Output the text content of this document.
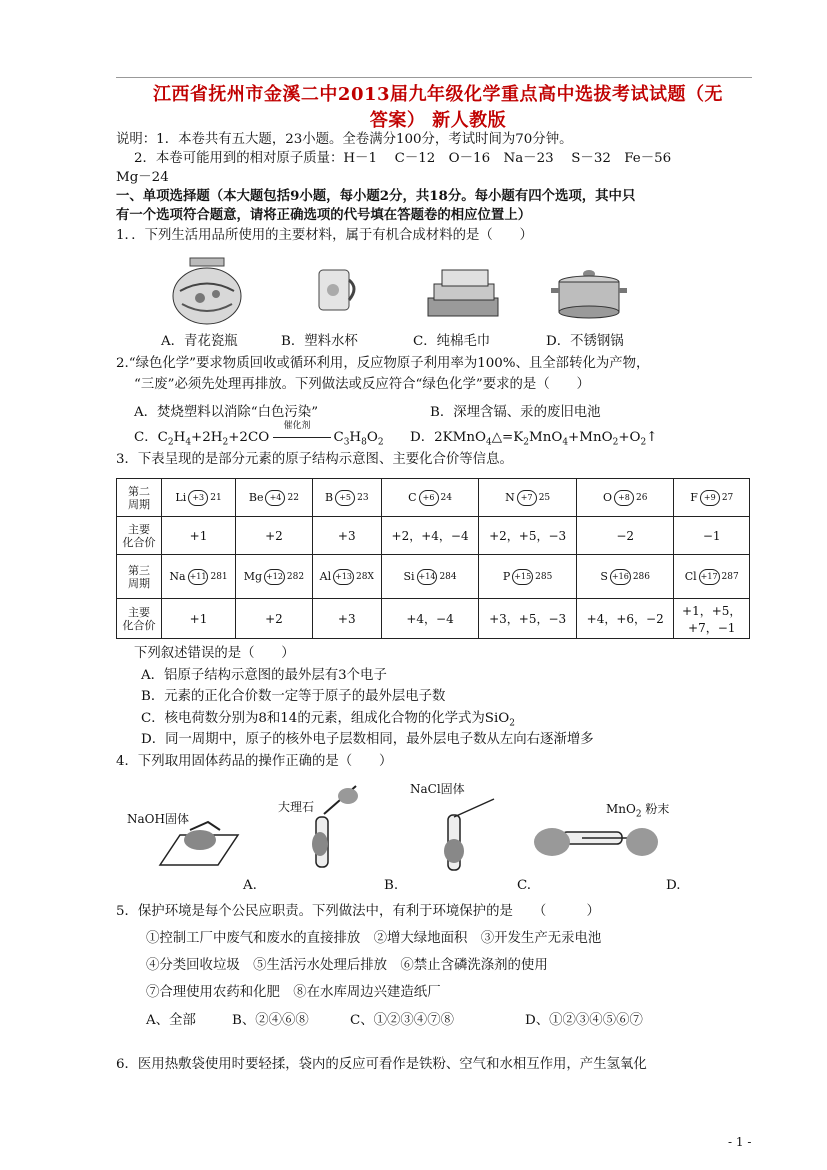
江西省抚州市金溪二中2013届九年级化学重点高中选拔考试试题（无
答案） 新人教版
说明：1．本卷共有五大题，23小题。全卷满分100分，考试时间为70分钟。
2．本卷可能用到的相对原子质量：H－1　 C－12　O－16　Na－23　 S－32　Fe－56
Mg－24
一、单项选择题（本大题包括9小题，每小题2分，共18分。每小题有四个选项，其中只
有一个选项符合题意，请将正确选项的代号填在答题卷的相应位置上）
1．．下列生活用品所使用的主要材料，属于有机合成材料的是（　　）
A．青花瓷瓶	B．塑料水杯	C．纯棉毛巾	D．不锈钢锅
2.“绿色化学”要求物质回收或循环利用，反应物原子利用率为100%、且全部转化为产物，
“三废”必须先处理再排放。下列做法或反应符合“绿色化学”要求的是（　　）
A．焚烧塑料以消除“白色污染”	B．深埋含镉、汞的废旧电池
C．$C_2H_4+2H_2+2CO$
催化剂
$C_3H_8O_2$ D．$2KMnO_4\triangle=K_2MnO_4+MnO_2+O_2↑$
3．下表呈现的是部分元素的原子结构示意图、主要化合价等信息。
第二
周期	Li +3 21	Be +4 22	B +5 23	C +6 24	N +7 25	O +8 26	F +9 27

主要
化合价	+1	+2	+3	+2，+4，−4	+2，+5，−3	−2	−1
第三
周期	Na +11 281	Mg +12 282	Al +13 28X	Si +14 284	P +15 285	S +16 286	Cl +17 287

主要
化合价	+1	+2	+3	+4，−4	+3，+5，−3	+4，+6，−2	+1，+5，
+7，−1
下列叙述错误的是（　　）
A．铝原子结构示意图的最外层有3个电子
B．元素的正化合价数一定等于原子的最外层电子数
C．核电荷数分别为8和14的元素，组成化合物的化学式为SiO$_2$
D．同一周期中，原子的核外电子层数相同，最外层电子数从左向右逐渐增多
4．下列取用固体药品的操作正确的是（　　）
NaOH固体
大理石
NaCl固体
MnO$_2$ 粉末
A.	B.	C.	D.
5．保护环境是每个公民应职责。下列做法中，有利于环境保护的是　　（　　　）
①控制工厂中废气和废水的直接排放　②增大绿地面积　③开发生产无汞电池
④分类回收垃圾　⑤生活污水处理后排放　⑥禁止含磷洗涤剂的使用
⑦合理使用农药和化肥　⑧在水库周边兴建造纸厂
A、全部	B、②④⑥⑧	C、①②③④⑦⑧	D、①②③④⑤⑥⑦
6．医用热敷袋使用时要轻揉，袋内的反应可看作是铁粉、空气和水相互作用，产生氢氧化
- 1 -
